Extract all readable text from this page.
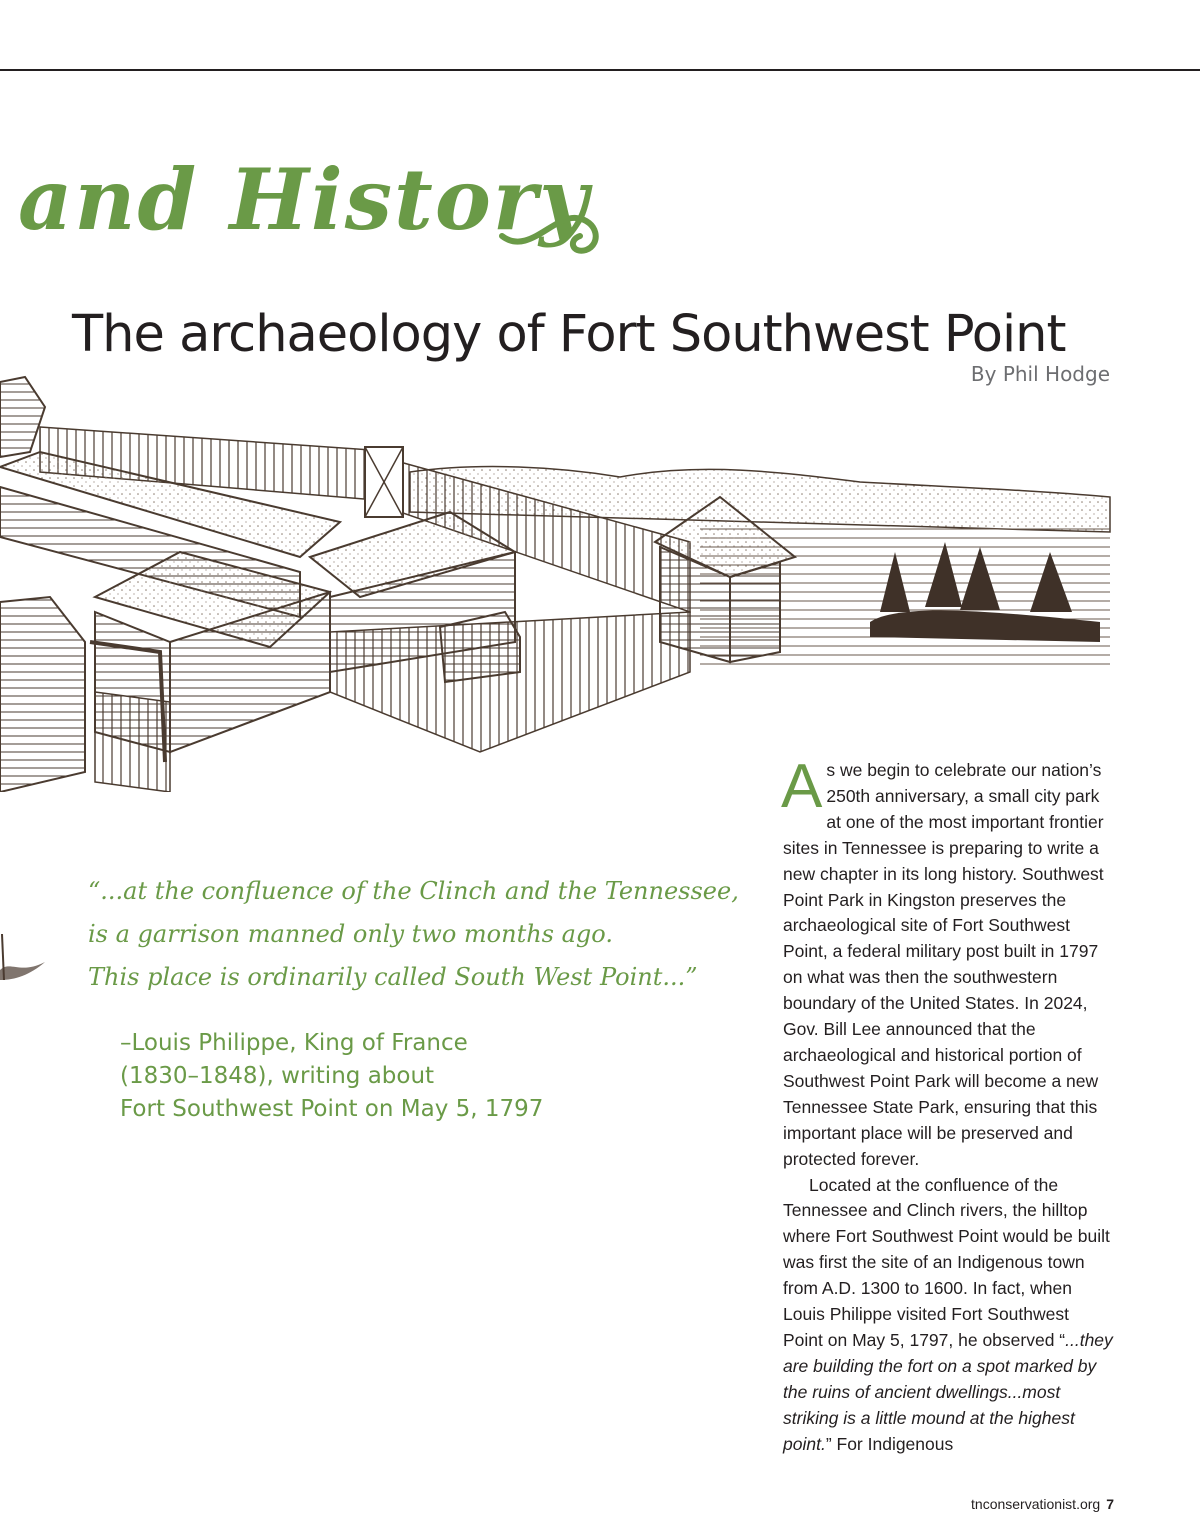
and History
The archaeology of Fort Southwest Point
By Phil Hodge
“...at the confluence of the Clinch and the Tennessee,
is a garrison manned only two months ago.
This place is ordinarily called South West Point...”
–Louis Philippe, King of France
(1830–1848), writing about
Fort Southwest Point on May 5, 1797

As we begin to celebrate our nation’s 250th anniversary, a small city park at one of the most important frontier sites in Tennessee is preparing to write a new chapter in its long history. Southwest Point Park in Kingston preserves the archaeological site of Fort Southwest Point, a federal military post built in 1797 on what was then the southwestern boundary of the United States. In 2024, Gov. Bill Lee announced that the archaeological and historical portion of Southwest Point Park will become a new Tennessee State Park, ensuring that this important place will be preserved and protected forever.

Located at the confluence of the Tennessee and Clinch rivers, the hilltop where Fort Southwest Point would be built was first the site of an Indigenous town from A.D. 1300 to 1600. In fact, when Louis Philippe visited Fort Southwest Point on May 5, 1797, he observed “...they are building the fort on a spot marked by the ruins of ancient dwellings...most striking is a little mound at the highest point.” For Indigenous

tnconservationist.org 7
